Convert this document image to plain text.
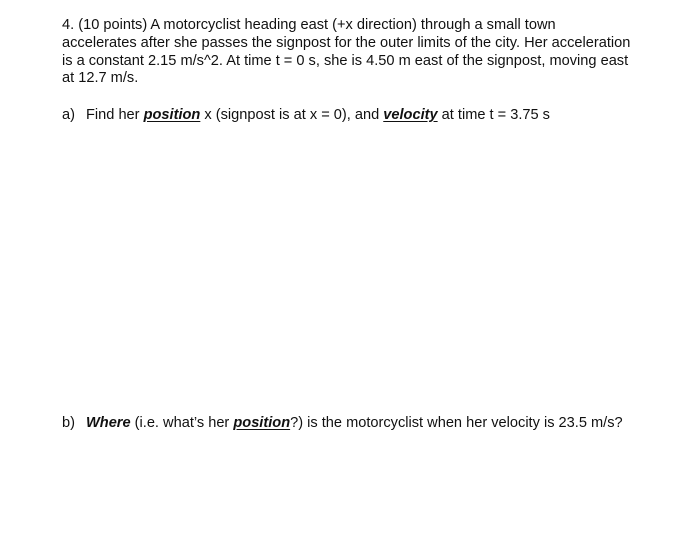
4. (10 points) A motorcyclist heading east (+x direction) through a small town accelerates after she passes the signpost for the outer limits of the city. Her acceleration is a constant 2.15 m/s^2. At time t = 0 s, she is 4.50 m east of the signpost, moving east at 12.7 m/s.

a) Find her position x (signpost is at x = 0), and velocity at time t = 3.75 s

b) Where (i.e. what’s her position?) is the motorcyclist when her velocity is 23.5 m/s?
